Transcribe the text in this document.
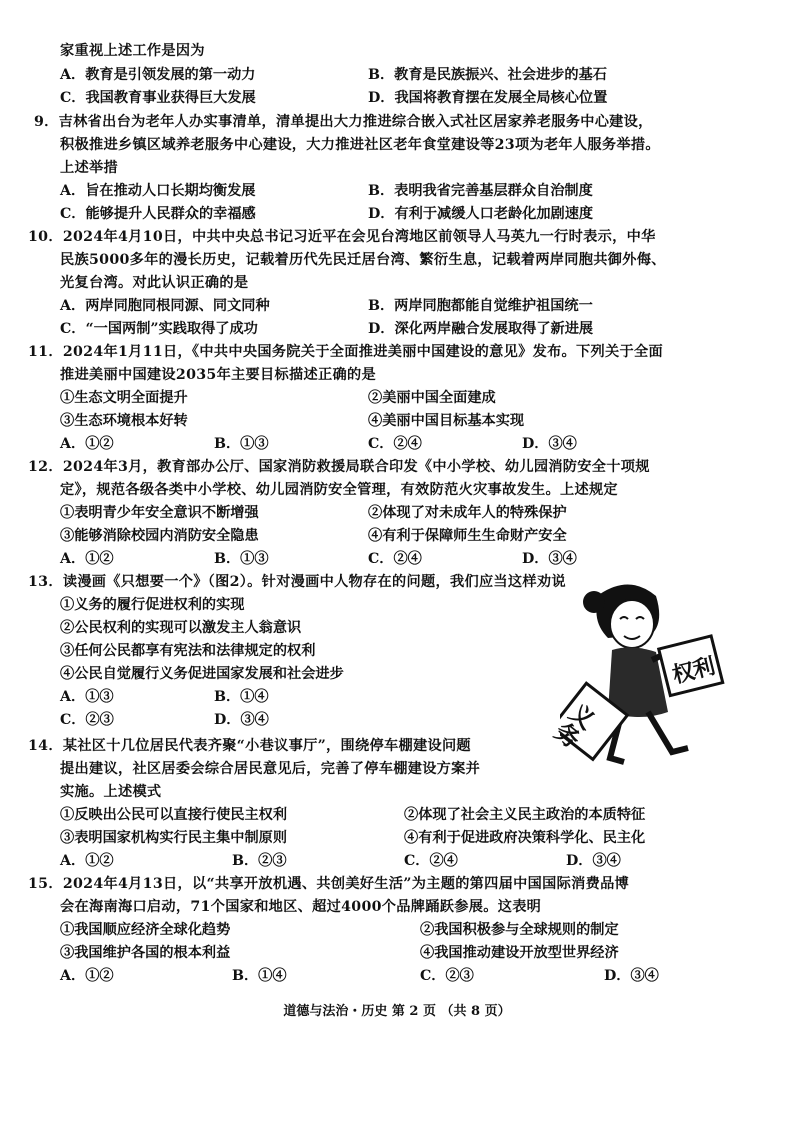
家重视上述工作是因为
A．教育是引领发展的第一动力	B．教育是民族振兴、社会进步的基石
C．我国教育事业获得巨大发展	D．我国将教育摆在发展全局核心位置
9．吉林省出台为老年人办实事清单，清单提出大力推进综合嵌入式社区居家养老服务中心建设，
积极推进乡镇区域养老服务中心建设，大力推进社区老年食堂建设等23项为老年人服务举措。
上述举措
A．旨在推动人口长期均衡发展	B．表明我省完善基层群众自治制度
C．能够提升人民群众的幸福感	D．有利于减缓人口老龄化加剧速度
10．2024年4月10日，中共中央总书记习近平在会见台湾地区前领导人马英九一行时表示，中华
民族5000多年的漫长历史，记载着历代先民迁居台湾、繁衍生息，记载着两岸同胞共御外侮、
光复台湾。对此认识正确的是
A．两岸同胞同根同源、同文同种	B．两岸同胞都能自觉维护祖国统一
C．“一国两制”实践取得了成功	D．深化两岸融合发展取得了新进展
11．2024年1月11日，《中共中央国务院关于全面推进美丽中国建设的意见》发布。下列关于全面
推进美丽中国建设2035年主要目标描述正确的是
①生态文明全面提升	②美丽中国全面建成
③生态环境根本好转	④美丽中国目标基本实现
A．①②	B．①③	C．②④	D．③④
12．2024年3月，教育部办公厅、国家消防救援局联合印发《中小学校、幼儿园消防安全十项规
定》，规范各级各类中小学校、幼儿园消防安全管理，有效防范火灾事故发生。上述规定
①表明青少年安全意识不断增强	②体现了对未成年人的特殊保护
③能够消除校园内消防安全隐患	④有利于保障师生生命财产安全
A．①②	B．①③	C．②④	D．③④
13．读漫画《只想要一个》（图2）。针对漫画中人物存在的问题，我们应当这样劝说
①义务的履行促进权利的实现
②公民权利的实现可以激发主人翁意识
③任何公民都享有宪法和法律规定的权利
④公民自觉履行义务促进国家发展和社会进步
A．①③	B．①④
C．②③	D．③④
权利
义务
14．某社区十几位居民代表齐聚“小巷议事厅”，围绕停车棚建设问题
提出建议，社区居委会综合居民意见后，完善了停车棚建设方案并
实施。上述模式
①反映出公民可以直接行使民主权利	②体现了社会主义民主政治的本质特征
③表明国家机构实行民主集中制原则	④有利于促进政府决策科学化、民主化
A．①②	B．②③	C．②④	D．③④
15．2024年4月13日，以“共享开放机遇、共创美好生活”为主题的第四届中国国际消费品博
会在海南海口启动，71个国家和地区、超过4000个品牌踊跃参展。这表明
①我国顺应经济全球化趋势	②我国积极参与全球规则的制定
③我国维护各国的根本利益	④我国推动建设开放型世界经济
A．①②	B．①④	C．②③	D．③④
道德与法治・历史 第 2 页 （共 8 页）
